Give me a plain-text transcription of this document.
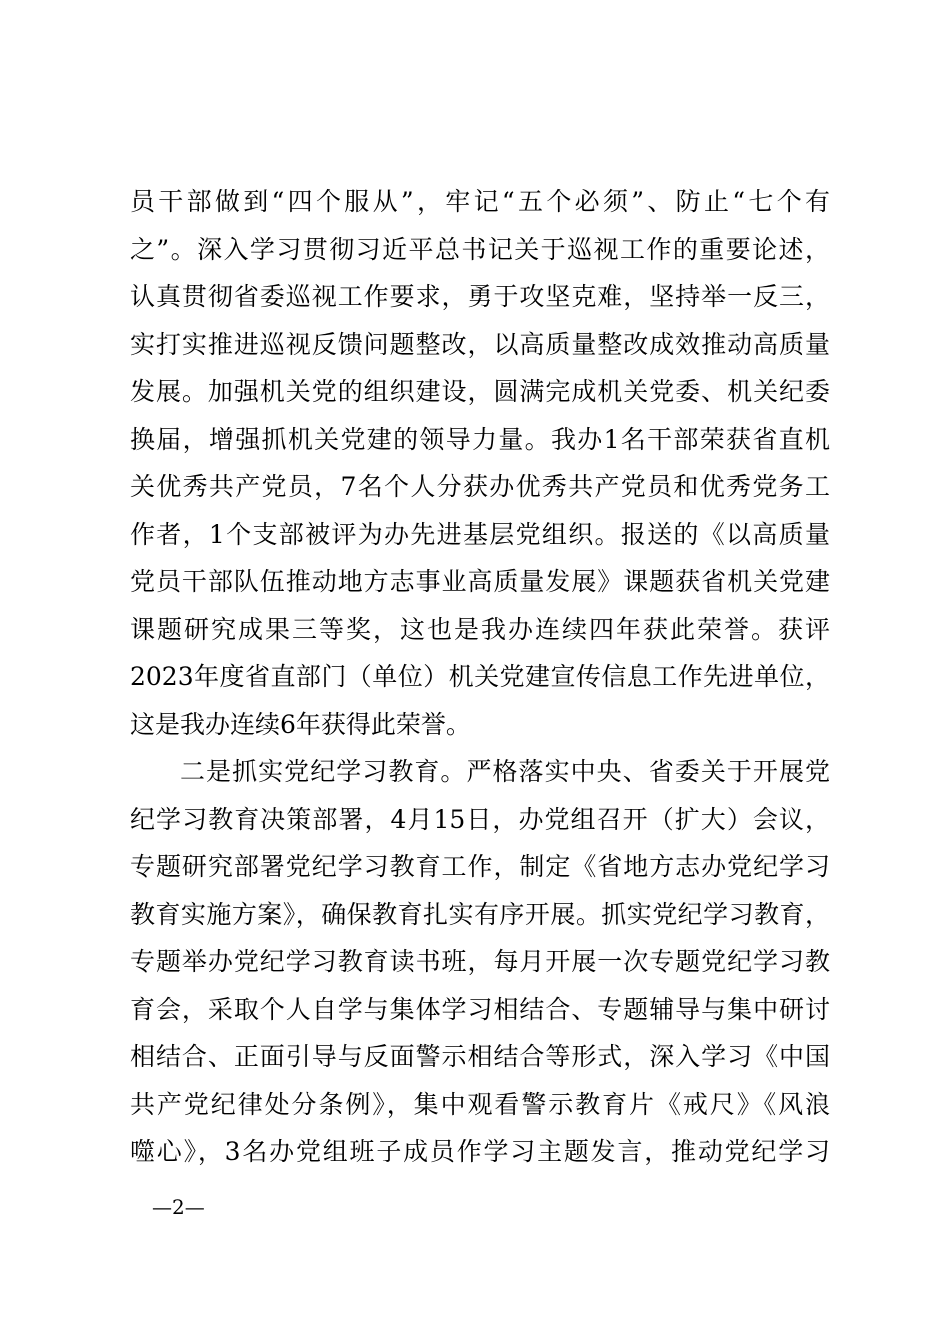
员干部做到“四个服从”，牢记“五个必须”、防止“七个有
之”。深入学习贯彻习近平总书记关于巡视工作的重要论述，
认真贯彻省委巡视工作要求，勇于攻坚克难，坚持举一反三，
实打实推进巡视反馈问题整改，以高质量整改成效推动高质量
发展。加强机关党的组织建设，圆满完成机关党委、机关纪委
换届，增强抓机关党建的领导力量。我办1名干部荣获省直机
关优秀共产党员，7名个人分获办优秀共产党员和优秀党务工
作者，1个支部被评为办先进基层党组织。报送的《以高质量
党员干部队伍推动地方志事业高质量发展》课题获省机关党建
课题研究成果三等奖，这也是我办连续四年获此荣誉。获评
2023年度省直部门（单位）机关党建宣传信息工作先进单位，
这是我办连续6年获得此荣誉。
二是抓实党纪学习教育。严格落实中央、省委关于开展党
纪学习教育决策部署，4月15日，办党组召开（扩大）会议，
专题研究部署党纪学习教育工作，制定《省地方志办党纪学习
教育实施方案》，确保教育扎实有序开展。抓实党纪学习教育，
专题举办党纪学习教育读书班，每月开展一次专题党纪学习教
育会，采取个人自学与集体学习相结合、专题辅导与集中研讨
相结合、正面引导与反面警示相结合等形式，深入学习《中国
共产党纪律处分条例》，集中观看警示教育片《戒尺》《风浪
噬心》，3名办党组班子成员作学习主题发言，推动党纪学习
—2—
